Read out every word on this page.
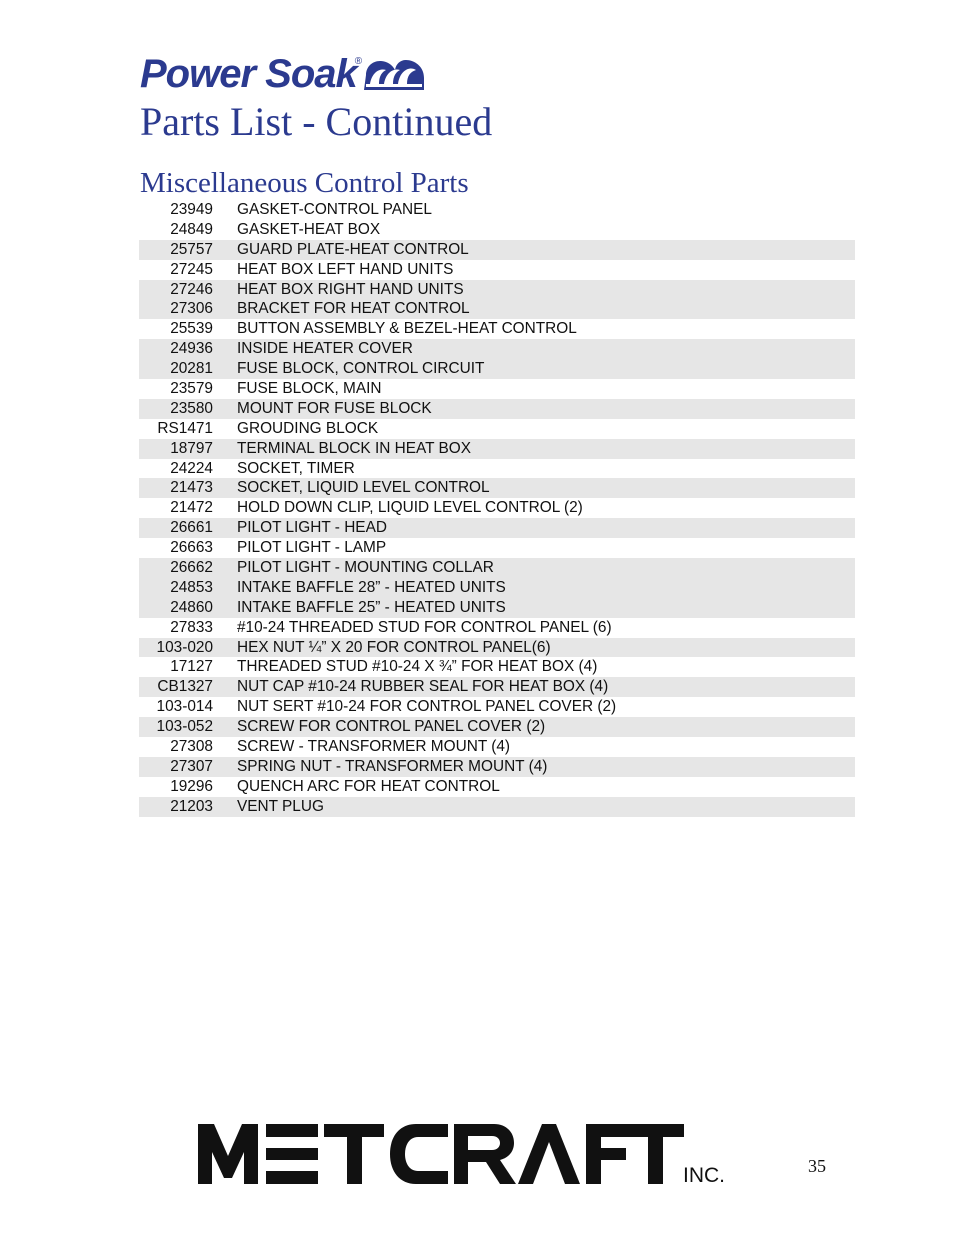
Power Soak
®
Parts List - Continued
Miscellaneous Control Parts
23949 GASKET-CONTROL PANEL
24849 GASKET-HEAT BOX
25757 GUARD PLATE-HEAT CONTROL
27245 HEAT BOX LEFT HAND UNITS
27246 HEAT BOX RIGHT HAND UNITS
27306 BRACKET FOR HEAT CONTROL
25539 BUTTON ASSEMBLY & BEZEL-HEAT CONTROL
24936 INSIDE HEATER COVER
20281 FUSE BLOCK, CONTROL CIRCUIT
23579 FUSE BLOCK, MAIN
23580 MOUNT FOR FUSE BLOCK
RS1471 GROUDING BLOCK
18797 TERMINAL BLOCK IN HEAT BOX
24224 SOCKET, TIMER
21473 SOCKET, LIQUID LEVEL CONTROL
21472 HOLD DOWN CLIP, LIQUID LEVEL CONTROL (2)
26661 PILOT LIGHT - HEAD
26663 PILOT LIGHT - LAMP
26662 PILOT LIGHT - MOUNTING COLLAR
24853 INTAKE BAFFLE 28” - HEATED UNITS
24860 INTAKE BAFFLE 25” - HEATED UNITS
27833 #10-24 THREADED STUD FOR CONTROL PANEL (6)
103-020 HEX NUT ¼” X 20 FOR CONTROL PANEL(6)
17127 THREADED STUD #10-24 X ¾” FOR HEAT BOX (4)
CB1327 NUT CAP #10-24 RUBBER SEAL FOR HEAT BOX (4)
103-014 NUT SERT #10-24 FOR CONTROL PANEL COVER (2)
103-052 SCREW FOR CONTROL PANEL COVER (2)
27308 SCREW - TRANSFORMER MOUNT (4)
27307 SPRING NUT - TRANSFORMER MOUNT (4)
19296 QUENCH ARC FOR HEAT CONTROL
21203 VENT PLUG
INC.	35
